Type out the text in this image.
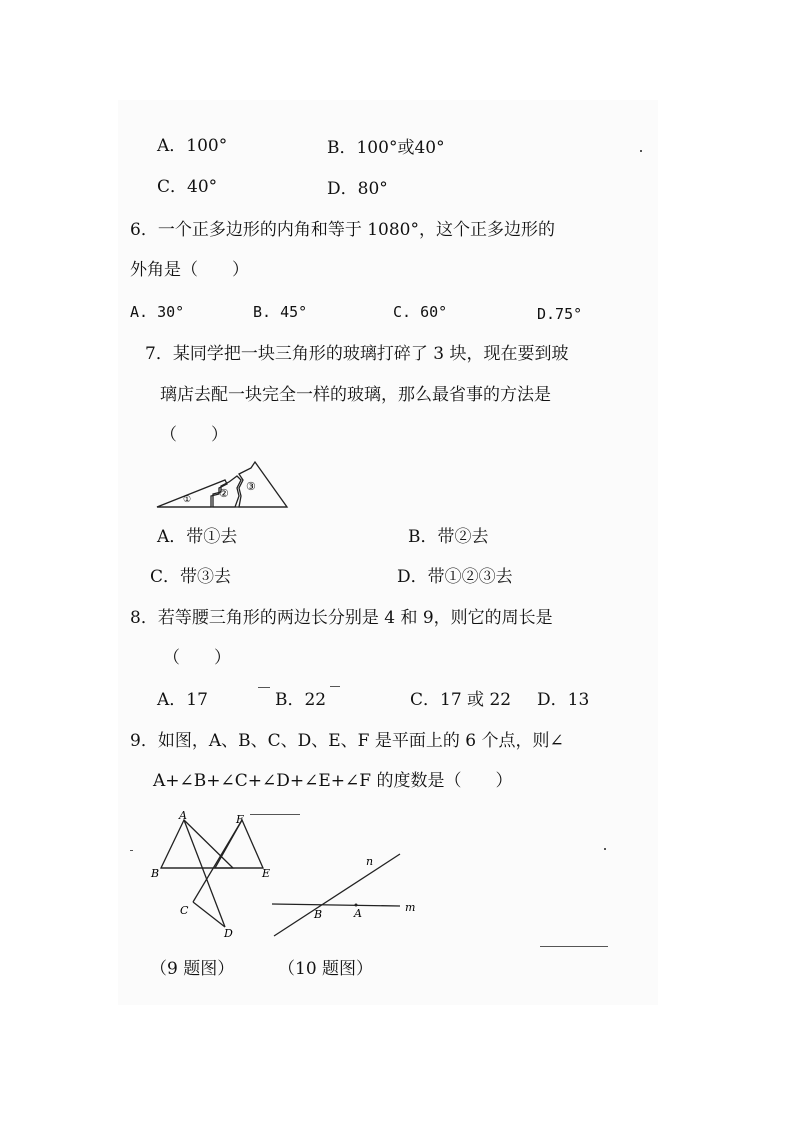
A．100°	B．100°或40°
C．40°	D．80°
6．一个正多边形的内角和等于 1080°，这个正多边形的
外角是（　　）
A. 30°	B. 45°	C. 60°	D.75°
7．某同学把一块三角形的玻璃打碎了 3 块，现在要到玻
璃店去配一块完全一样的玻璃，那么最省事的方法是
（　　）
①	②
③
A．带①去	B．带②去
C．带③去	D．带①②③去
8．若等腰三角形的两边长分别是 4 和 9，则它的周长是
（　　）
A．17	B．22	C．17 或 22 D．13
9．如图，A、B、C、D、E、F 是平面上的 6 个点，则∠
A+∠B+∠C+∠D+∠E+∠F 的度数是（　　）
A	F
B	E
C
D
n
m
A
B
（9 题图）	（10 题图）
